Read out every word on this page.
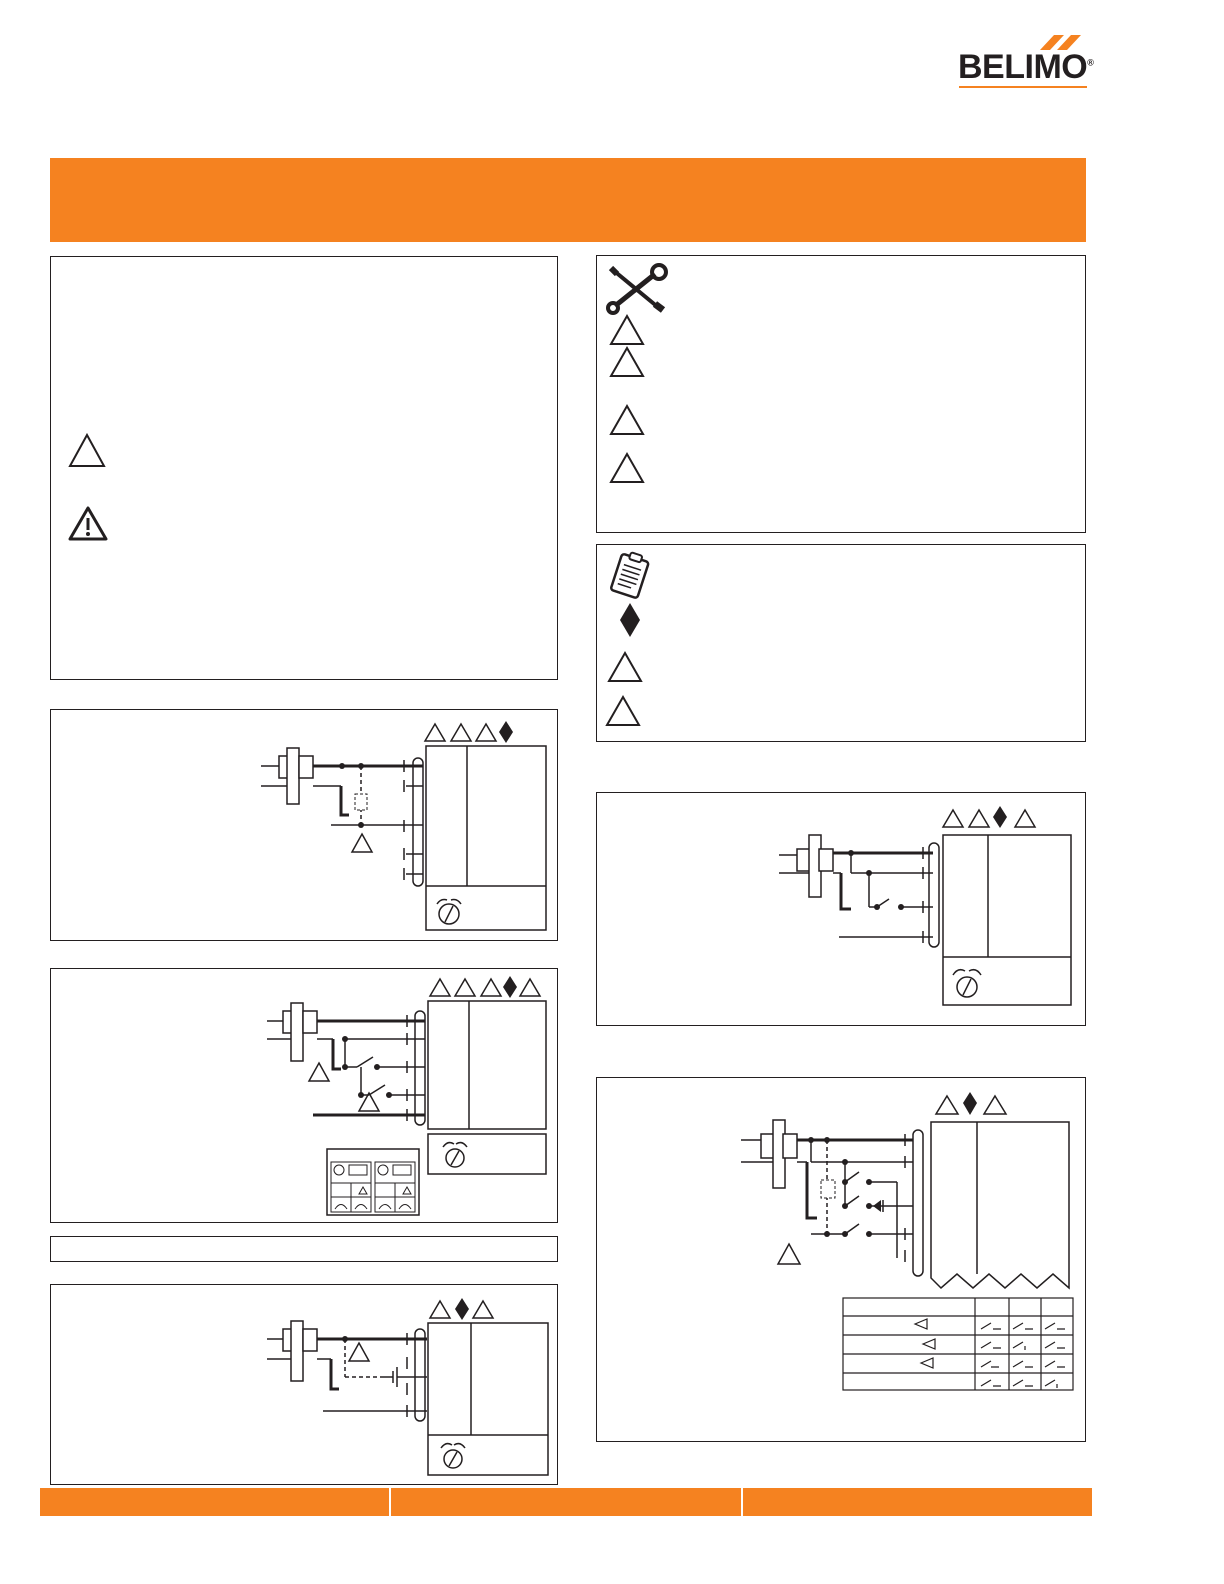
BELIMO®
